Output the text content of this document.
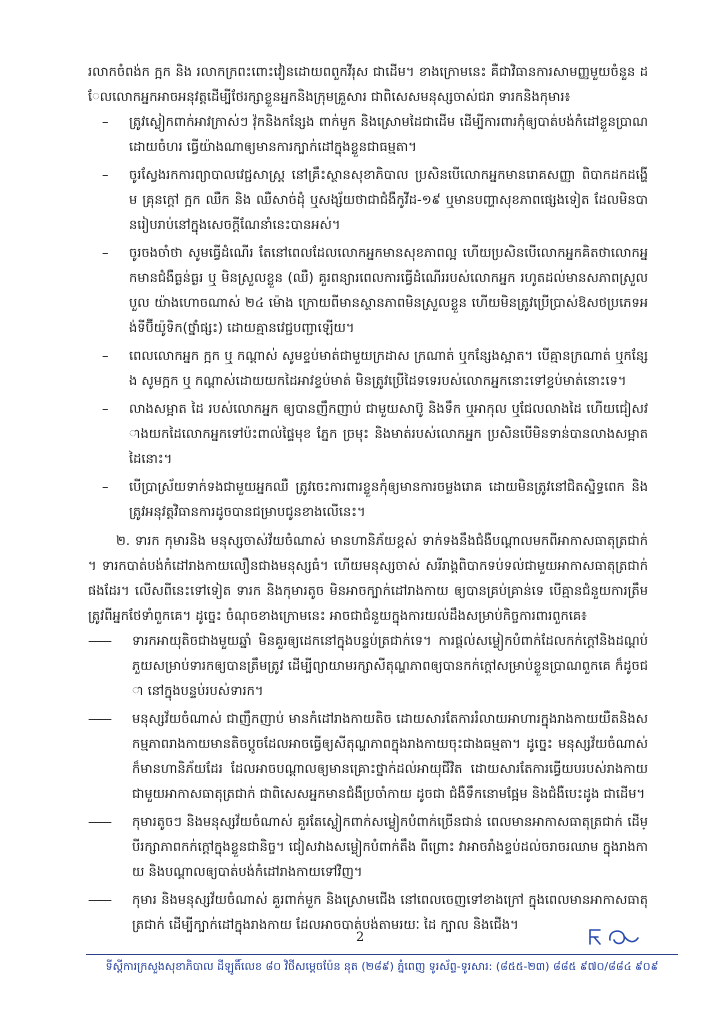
រលាកចំពង់ក ក្អក និង រលាកក្រពះពោះវៀនដោយពពួកវីរុស ជាដើម។ ខាងក្រោមនេះ គឺជាវិធានការសាមញ្ញមួយចំនួន ដែលលោកអ្នកអាចអនុវត្តដើម្បីថែរក្សាខ្លួនអ្នកនិងក្រុមគ្រួសារ ជាពិសេសមនុស្សចាស់ជរា ទារកនិងកុមារ៖

– ត្រូវស្លៀកពាក់អាវក្រាស់ៗ វ៉ុកនិងកន្សែង ពាក់មួក និងស្រោមដៃជាដើម ដើម្បីការពារកុំឲ្យបាត់បង់កំដៅខ្លួនប្រាណដោយចំហរ ធ្វើយ៉ាងណាឲ្យមានការក្បាក់ដៅក្នុងខ្លួនជាធម្មតា។

– ចូរស្វែងរកការព្យាបាលវេជ្ជសាស្ត្រ នៅគ្រឹះស្ថានសុខាភិបាល ប្រសិនបើលោកអ្នកមានរោគសញ្ញា ពិបាកដកដង្ហើម គ្រុនក្តៅ ក្អក ឈឺក និង ឈឺសាច់ដុំ ឬសង្ស័យថាជាជំងឺកូវីដ-១៩ ឬមានបញ្ហាសុខភាពផ្សេងទៀត ដែលមិនបានរៀបរាប់នៅក្នុងសេចក្តីណែនាំនេះបានអស់។

– ចូរចងចាំថា សូមធ្វើដំណើរ តែនៅពេលដែលលោកអ្នកមានសុខភាពល្អ ហើយប្រសិនបើលោកអ្នកគិតថាលោកអ្នកមានជំងឺធ្ងន់ធ្ងរ ឬ មិនស្រួលខ្លួន (ឈឺ) គួរពន្យារពេលការធ្វើដំណើររបស់លោកអ្នក រហូតដល់មានសភាពស្រួលបួល យ៉ាងហោចណាស់ ២៤ ម៉ោង ក្រោយពីមានស្ថានភាពមិនស្រួលខ្លួន ហើយមិនត្រូវប្រើប្រាស់ឱសថប្រភេទអង់ទីប៊ីយ៉ូទិក(ថ្នាំផ្សះ) ដោយគ្មានវេជ្ជបញ្ជាឡើយ។

– ពេលលោកអ្នក ក្អក ឬ កណ្តាស់ សូមខ្ទប់មាត់ជាមួយក្រដាស ក្រណាត់ ឬកន្សែងស្អាត។ បើគ្មានក្រណាត់ ឬកន្សែង សូមក្អក ឬ កណ្តាស់ដោយយកដៃអាវខ្ទប់មាត់ មិនត្រូវប្រើដៃទទេរបស់លោកអ្នកនោះទៅខ្ទប់មាត់នោះទេ។

– លាងសម្អាត ដៃ របស់លោកអ្នក ឲ្យបានញឹកញាប់ ជាមួយសាប៊ូ និងទឹក ឬអាកុល ឬជែលលាងដៃ ហើយជៀសវាងយកដៃលោកអ្នកទៅប៉ះពាល់ផ្ទៃមុខ ភ្នែក ច្រមុះ និងមាត់របស់លោកអ្នក ប្រសិនបើមិនទាន់បានលាងសម្អាតដៃនោះ។

– បើប្រាស្រ័យទាក់ទងជាមួយអ្នកឈឺ ត្រូវចេះការពារខ្លួនកុំឲ្យមានការចម្លងរោគ ដោយមិនត្រូវនៅជិតស្និទ្ធពេក និងត្រូវអនុវត្តវិធានការដូចបានជម្រាបជូនខាងលើនេះ។

២. ទារក កុមារនិង មនុស្សចាស់វ័យចំណាស់ មានហានិភ័យខ្ពស់ ទាក់ទងនឹងជំងឺបណ្តាលមកពីអាកាសធាតុត្រជាក់ ។ ទារកបាត់បង់កំដៅរាងកាយលឿនជាងមនុស្សធំ។ ហើយមនុស្សចាស់ សរីរាង្គពិបាកទប់ទល់ជាមួយអាកាសធាតុត្រជាក់ផងដែរ។ លើសពីនេះទៅទៀត ទារក និងកុមារតូច មិនអាចក្បាក់ដៅរាងកាយ ឲ្យបានគ្រប់គ្រាន់ទេ បើគ្មានជំនួយការត្រឹមត្រូវពីអ្នកថែទាំពួកគេ។ ដូច្នេះ ចំណុចខាងក្រោមនេះ អាចជាជំនួយក្នុងការយល់ដឹងសម្រាប់កិច្ចការពារពួកគេ៖

—— ទារកអាយុតិចជាងមួយឆ្នាំ មិនគួរឲ្យដេកនៅក្នុងបន្ទប់ត្រជាក់ទេ។ ការផ្តល់សម្លៀកបំពាក់ដែលកក់ក្តៅនិងដណ្តប់ភួយសម្រាប់ទារកឲ្យបានត្រឹមត្រូវ ដើម្បីព្យាយាមរក្សាសីតុណ្ហភាពឲ្យបានកក់ក្តៅសម្រាប់ខ្លួនប្រាណពួកគេ ក៏ដូចជា នៅក្នុងបន្ទប់របស់ទារក។

—— មនុស្សវ័យចំណាស់ ជាញឹកញាប់ មានកំដៅរាងកាយតិច ដោយសារតែការរំលាយអាហារក្នុងរាងកាយយឺតនិងសកម្មភាពរាងកាយមានតិចប្តូចដែលអាចធ្វើឲ្យសីតុណ្ហភាពក្នុងរាងកាយចុះជាងធម្មតា។ ដូច្នេះ មនុស្សវ័យចំណាស់ ក៏មានហានិភ័យដែរ ដែលអាចបណ្តាលឲ្យមានគ្រោះថ្នាក់ដល់អាយុជីវិត ដោយសារតែការធ្វើយបរបស់រាងកាយជាមួយអាកាសធាតុត្រជាក់ ជាពិសេសអ្នកមានជំងឺប្រចាំកាយ ដូចជា ជំងឺទឹកនោមផ្អែម និងជំងឺបេះដូង ជាដើម។

—— កុមារតូចៗ និងមនុស្សវ័យចំណាស់ គួរតែស្លៀកពាក់សម្លៀកបំពាក់ច្រើនជាន់ ពេលមានអាកាសធាតុត្រជាក់ ដើម្បីរក្សាភាពកក់ក្តៅក្នុងខ្លួនជានិច្ច។ ជៀសវាងសម្លៀកបំពាក់តឹង ពីព្រោះ វាអាចរាំងខ្ទប់ដល់ចរាចរឈាម ក្នុងរាងកាយ និងបណ្តាលឲ្យបាត់បង់កំដៅរាងកាយទៅវិញ។

—— កុមារ និងមនុស្សវ័យចំណាស់ គួរពាក់មួក និងស្រោមជើង នៅពេលចេញទៅខាងក្រៅ ក្នុងពេលមានអាកាសធាតុត្រជាក់ ដើម្បីក្បាក់ដៅក្នុងរាងកាយ ដែលអាចបាត់បង់តាមរយៈ ដៃ ក្បាល និងជើង។

2
ទីស្តីការក្រសួងសុខាភិបាល ដីឡូតិ៍លេខ ៨០ វិថីសម្តេចប៉ែន នុត (២៨៩) ភ្នំពេញ ទូរស័ព្ទ-ទូរសារ: (៨៥៥-២៣) ៨៨៥ ៩៧០/៨៨៤ ៩០៩
